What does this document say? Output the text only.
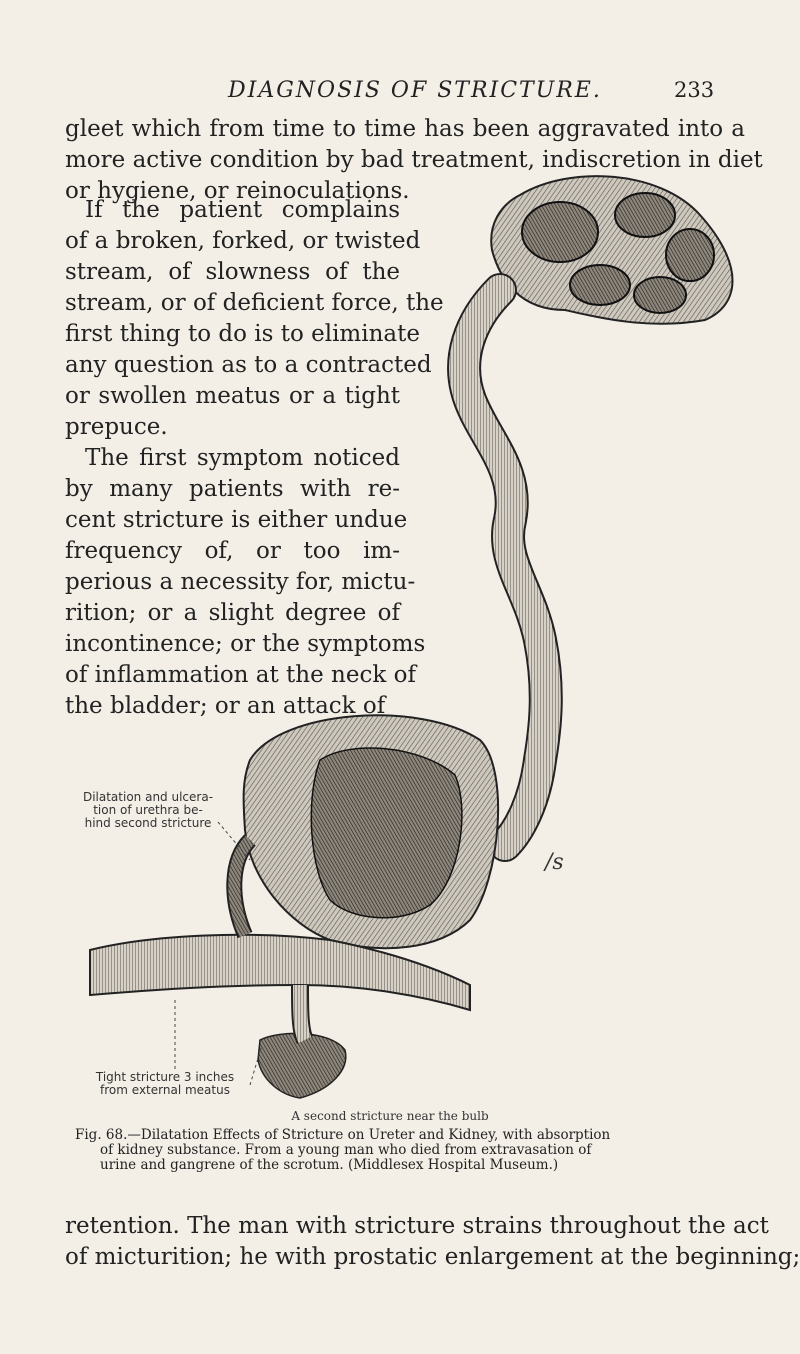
DIAGNOSIS OF STRICTURE.	233
gleet which from time to time has been aggravated into a
more active condition by bad treatment, indiscretion in diet
or hygiene, or reinoculations.
If the patient complains
of a broken, forked, or twisted
stream, of slowness of the
stream, or of deficient force, the
first thing to do is to eliminate
any question as to a contracted
or swollen meatus or a tight
prepuce.
The first symptom noticed
by many patients with re-
cent stricture is either undue
frequency of, or too im-
perious a necessity for, mictu-
rition; or a slight degree of
incontinence; or the symptoms
of inflammation at the neck of
the bladder; or an attack of
Dilatation and ulcera-
tion of urethra be-
hind second stricture
Tight stricture 3 inches
from external meatus
/s
A second stricture near the bulb
Fig. 68.—Dilatation Effects of Stricture on Ureter and Kidney, with absorption
of kidney substance. From a young man who died from extravasation of
urine and gangrene of the scrotum. (Middlesex Hospital Museum.)
retention. The man with stricture strains throughout the act
of micturition; he with prostatic enlargement at the beginning;
